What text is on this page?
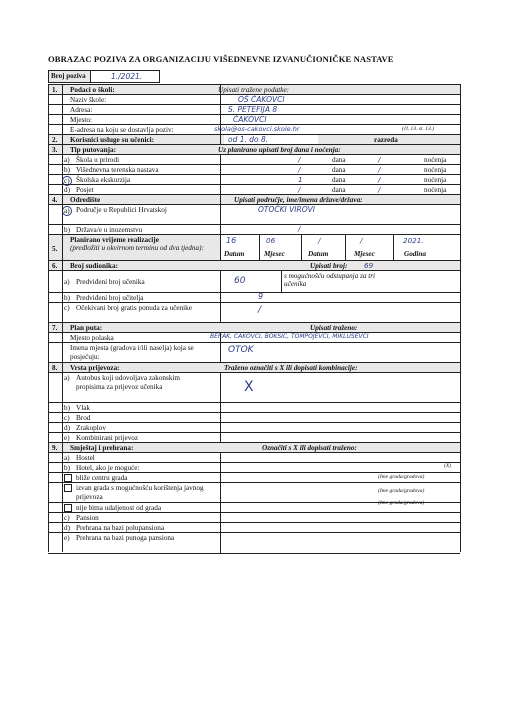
OBRAZAC POZIVA ZA ORGANIZACIJU VIŠEDNEVNE IZVANUČIONIČKE NASTAVE
Broj poziva	1./2021.
1. Podaci o školi:	Upisati tražene podatke:
Naziv škole:	OŠ ČAKOVCI
Adresa:	S. PETEFIJA 8
Mjesto:	ČAKOVCI
E-adresa na koju se dostavlja poziv:	skola@os-cakovci.skole.hr	(čl. 13. st. 13.)
2. Korisnici usluge su učenici:	od 1. do 8.	razreda
3. Tip putovanja:	Uz planirano upisati broj dana i noćenja:
a) Škola u prirodi	/	dana	/	noćenja
b) Višednevna terenska nastava	/	dana	/	noćenja
c) Školska ekskurzija	1	dana	/	noćenja
d) Posjet	/	dana	/	noćenja
4. Odredište	Upisati područje, ime/imena države/država:
a) Područje u Republici Hrvatskoj	OTOČKI VIROVI
b) Država/e u inozemstvu	/
5.
Planirano vrijeme realizacije
(predložiti u okvirnom terminu od dva tjedna):
16	06	/	/	2021.
Datum	Mjesec	Datum	Mjesec	Godina
6. Broj sudionika:	Upisati broj: 69
a) Predviđeni broj učenika	60	s mogućnošću odstupanja za tri učenika
b) Predviđeni broj učitelja	9
c) Očekivani broj gratis ponuda za učenike	/
7. Plan puta:	Upisati traženo:
Mjesto polaska	BERAK, ČAKOVCI, BOKŠIĆ, TOMPOJEVCI, MIKLUŠEVCI
Imena mjesta (gradova i/ili naselja) koja se posjećuju:
OTOK
8. Vrsta prijevoza:	Traženo označiti s X ili dopisati kombinacije:
a) Autobus koji udovoljava zakonskim propisima za prijevoz učenika	X
b) Vlak
c) Brod
d) Zrakoplov
e) Kombinirani prijevoz
9. Smještaj i prehrana:	Označiti s X ili dopisati traženo:
a) Hostel
b) Hotel, ako je moguće:	(X)
bliže centru grada	(Ime grada/gradova)
izvan grada s mogućnošću korištenja javnog prijevoza
(Ime grada/gradova)
nije bitna udaljenost od grada
(Ime grada/gradova)
c) Pansion
d) Prehrana na bazi polupansiona
e) Prehrana na bazi punoga pansiona
